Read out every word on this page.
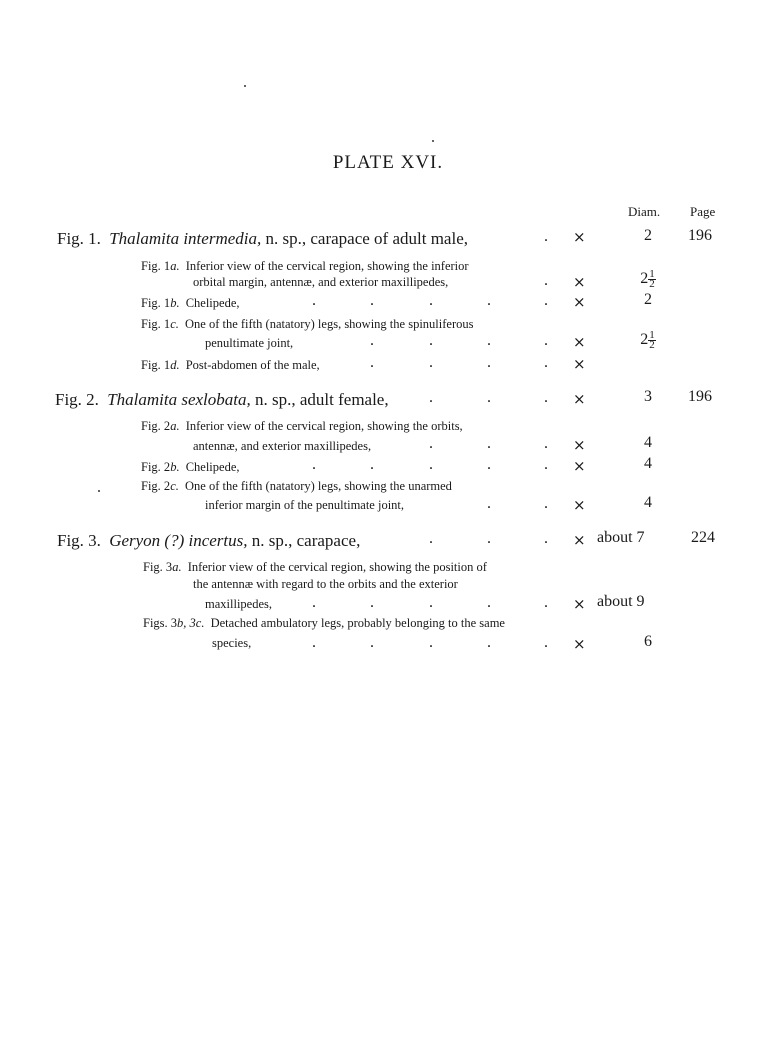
PLATE XVI.
Diam. Page
Fig. 1. Thalamita intermedia, n. sp., carapace of adult male,	. ×	2	196
Fig. 1a. Inferior view of the cervical region, showing the inferior
orbital margin, antennæ, and exterior maxillipedes,	. ×	$2 \frac{1}{2}$
Fig. 1b. Chelipede,	.	.	.	.	. ×	2
Fig. 1c. One of the fifth (natatory) legs, showing the spinuliferous
penultimate joint,	.	.	.	. ×	$2 \frac{1}{2}$
Fig. 1d. Post-abdomen of the male,	.	.	.	. ×
Fig. 2. Thalamita sexlobata, n. sp., adult female,	.	.	. ×	3	196
Fig. 2a. Inferior view of the cervical region, showing the orbits,
antennæ, and exterior maxillipedes,	.	.	. ×	4
Fig. 2b. Chelipede,	.	.	.	.	. ×	4
Fig. 2c. One of the fifth (natatory) legs, showing the unarmed
inferior margin of the penultimate joint,	.	. ×	4
Fig. 3. Geryon (?) incertus, n. sp., carapace,	.	.	. × about 7	224
Fig. 3a. Inferior view of the cervical region, showing the position of
the antennæ with regard to the orbits and the exterior
maxillipedes,	.	.	.	.	. × about 9
Figs. 3b, 3c. Detached ambulatory legs, probably belonging to the same
species,	.	.	.	.	. ×	6
